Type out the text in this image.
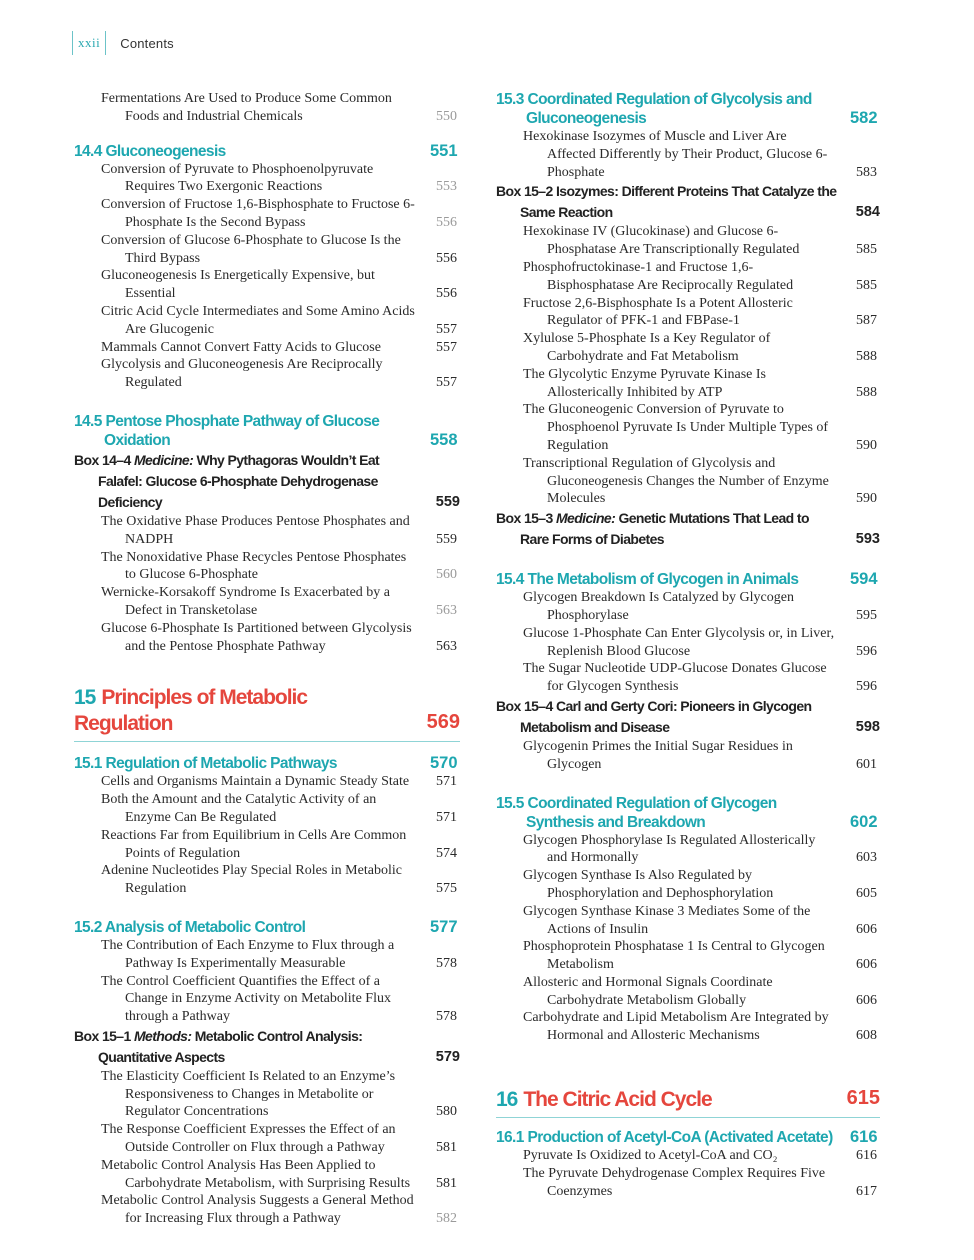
xxii	Contents
Fermentations Are Used to Produce Some Common Foods and Industrial Chemicals	550
14.4 Gluconeogenesis	551
Conversion of Pyruvate to Phosphoenolpyruvate Requires Two Exergonic Reactions	553
Conversion of Fructose 1,6-Bisphosphate to Fructose 6-Phosphate Is the Second Bypass	556
Conversion of Glucose 6-Phosphate to Glucose Is the Third Bypass	556
Gluconeogenesis Is Energetically Expensive, but Essential	556
Citric Acid Cycle Intermediates and Some Amino Acids Are Glucogenic	557
Mammals Cannot Convert Fatty Acids to Glucose	557
Glycolysis and Gluconeogenesis Are Reciprocally Regulated	557
14.5 Pentose Phosphate Pathway of Glucose Oxidation	558
Box 14–4 Medicine: Why Pythagoras Wouldn’t Eat Falafel: Glucose 6-Phosphate Dehydrogenase Deficiency	559
The Oxidative Phase Produces Pentose Phosphates and NADPH	559
The Nonoxidative Phase Recycles Pentose Phosphates to Glucose 6-Phosphate	560
Wernicke-Korsakoff Syndrome Is Exacerbated by a Defect in Transketolase	563
Glucose 6-Phosphate Is Partitioned between Glycolysis and the Pentose Phosphate Pathway	563
15 Principles of Metabolic Regulation	569
15.1 Regulation of Metabolic Pathways	570
Cells and Organisms Maintain a Dynamic Steady State	571
Both the Amount and the Catalytic Activity of an Enzyme Can Be Regulated	571
Reactions Far from Equilibrium in Cells Are Common Points of Regulation	574
Adenine Nucleotides Play Special Roles in Metabolic Regulation	575
15.2 Analysis of Metabolic Control	577
The Contribution of Each Enzyme to Flux through a Pathway Is Experimentally Measurable	578
The Control Coefficient Quantifies the Effect of a Change in Enzyme Activity on Metabolite Flux through a Pathway	578
Box 15–1 Methods: Metabolic Control Analysis: Quantitative Aspects	579
The Elasticity Coefficient Is Related to an Enzyme’s Responsiveness to Changes in Metabolite or Regulator Concentrations	580
The Response Coefficient Expresses the Effect of an Outside Controller on Flux through a Pathway	581
Metabolic Control Analysis Has Been Applied to Carbohydrate Metabolism, with Surprising Results	581
Metabolic Control Analysis Suggests a General Method for Increasing Flux through a Pathway	582
15.3 Coordinated Regulation of Glycolysis and Gluconeogenesis	582
Hexokinase Isozymes of Muscle and Liver Are Affected Differently by Their Product, Glucose 6-Phosphate	583
Box 15–2 Isozymes: Different Proteins That Catalyze the Same Reaction	584
Hexokinase IV (Glucokinase) and Glucose 6-Phosphatase Are Transcriptionally Regulated	585
Phosphofructokinase-1 and Fructose 1,6-Bisphosphatase Are Reciprocally Regulated	585
Fructose 2,6-Bisphosphate Is a Potent Allosteric Regulator of PFK-1 and FBPase-1	587
Xylulose 5-Phosphate Is a Key Regulator of Carbohydrate and Fat Metabolism	588
The Glycolytic Enzyme Pyruvate Kinase Is Allosterically Inhibited by ATP	588
The Gluconeogenic Conversion of Pyruvate to Phosphoenol Pyruvate Is Under Multiple Types of Regulation	590
Transcriptional Regulation of Glycolysis and Gluconeogenesis Changes the Number of Enzyme Molecules	590
Box 15–3 Medicine: Genetic Mutations That Lead to Rare Forms of Diabetes	593
15.4 The Metabolism of Glycogen in Animals	594
Glycogen Breakdown Is Catalyzed by Glycogen Phosphorylase	595
Glucose 1-Phosphate Can Enter Glycolysis or, in Liver, Replenish Blood Glucose	596
The Sugar Nucleotide UDP-Glucose Donates Glucose for Glycogen Synthesis	596
Box 15–4 Carl and Gerty Cori: Pioneers in Glycogen Metabolism and Disease	598
Glycogenin Primes the Initial Sugar Residues in Glycogen	601
15.5 Coordinated Regulation of Glycogen Synthesis and Breakdown	602
Glycogen Phosphorylase Is Regulated Allosterically and Hormonally	603
Glycogen Synthase Is Also Regulated by Phosphorylation and Dephosphorylation	605
Glycogen Synthase Kinase 3 Mediates Some of the Actions of Insulin	606
Phosphoprotein Phosphatase 1 Is Central to Glycogen Metabolism	606
Allosteric and Hormonal Signals Coordinate Carbohydrate Metabolism Globally	606
Carbohydrate and Lipid Metabolism Are Integrated by Hormonal and Allosteric Mechanisms	608
16 The Citric Acid Cycle	615
16.1 Production of Acetyl-CoA (Activated Acetate)	616
Pyruvate Is Oxidized to Acetyl-CoA and CO₂	616
The Pyruvate Dehydrogenase Complex Requires Five Coenzymes	617
